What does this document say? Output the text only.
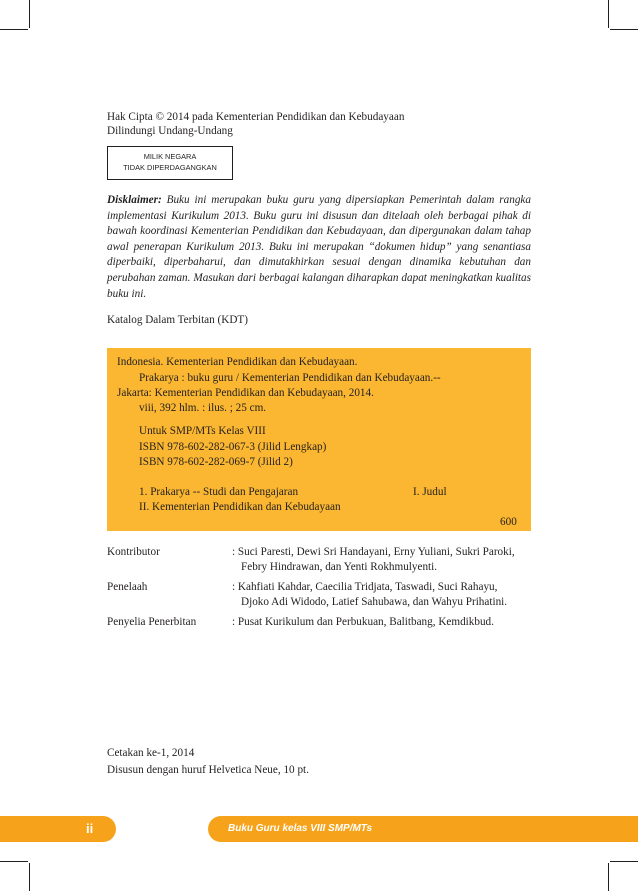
Hak Cipta © 2014 pada Kementerian Pendidikan dan Kebudayaan
Dilindungi Undang-Undang
MILIK NEGARA
TIDAK DIPERDAGANGKAN
Disklaimer: Buku ini merupakan buku guru yang dipersiapkan Pemerintah dalam rangka implementasi Kurikulum 2013. Buku guru ini disusun dan ditelaah oleh berbagai pihak di bawah koordinasi Kementerian Pendidikan dan Kebudayaan, dan dipergunakan dalam tahap awal penerapan Kurikulum 2013. Buku ini merupakan “dokumen hidup” yang senantiasa diperbaiki, diperbaharui, dan dimutakhirkan sesuai dengan dinamika kebutuhan dan perubahan zaman. Masukan dari berbagai kalangan diharapkan dapat meningkatkan kualitas buku ini.
Katalog Dalam Terbitan (KDT)
Indonesia. Kementerian Pendidikan dan Kebudayaan.
Prakarya : buku guru / Kementerian Pendidikan dan Kebudayaan.--
Jakarta: Kementerian Pendidikan dan Kebudayaan, 2014.
viii, 392 hlm. : ilus. ; 25 cm.
Untuk SMP/MTs Kelas VIII
ISBN 978-602-282-067-3 (Jilid Lengkap)
ISBN 978-602-282-069-7 (Jilid 2)
1. Prakarya -- Studi dan Pengajaran	I. Judul
II. Kementerian Pendidikan dan Kebudayaan
600
Kontributor	: Suci Paresti, Dewi Sri Handayani, Erny Yuliani, Sukri Paroki,
Febry Hindrawan, dan Yenti Rokhmulyenti.
Penelaah	: Kahfiati Kahdar, Caecilia Tridjata, Taswadi, Suci Rahayu,
Djoko Adi Widodo, Latief Sahubawa, dan Wahyu Prihatini.
Penyelia Penerbitan	: Pusat Kurikulum dan Perbukuan, Balitbang, Kemdikbud.
Cetakan ke-1, 2014
Disusun dengan huruf Helvetica Neue, 10 pt.
ii	Buku Guru kelas VIII SMP/MTs
